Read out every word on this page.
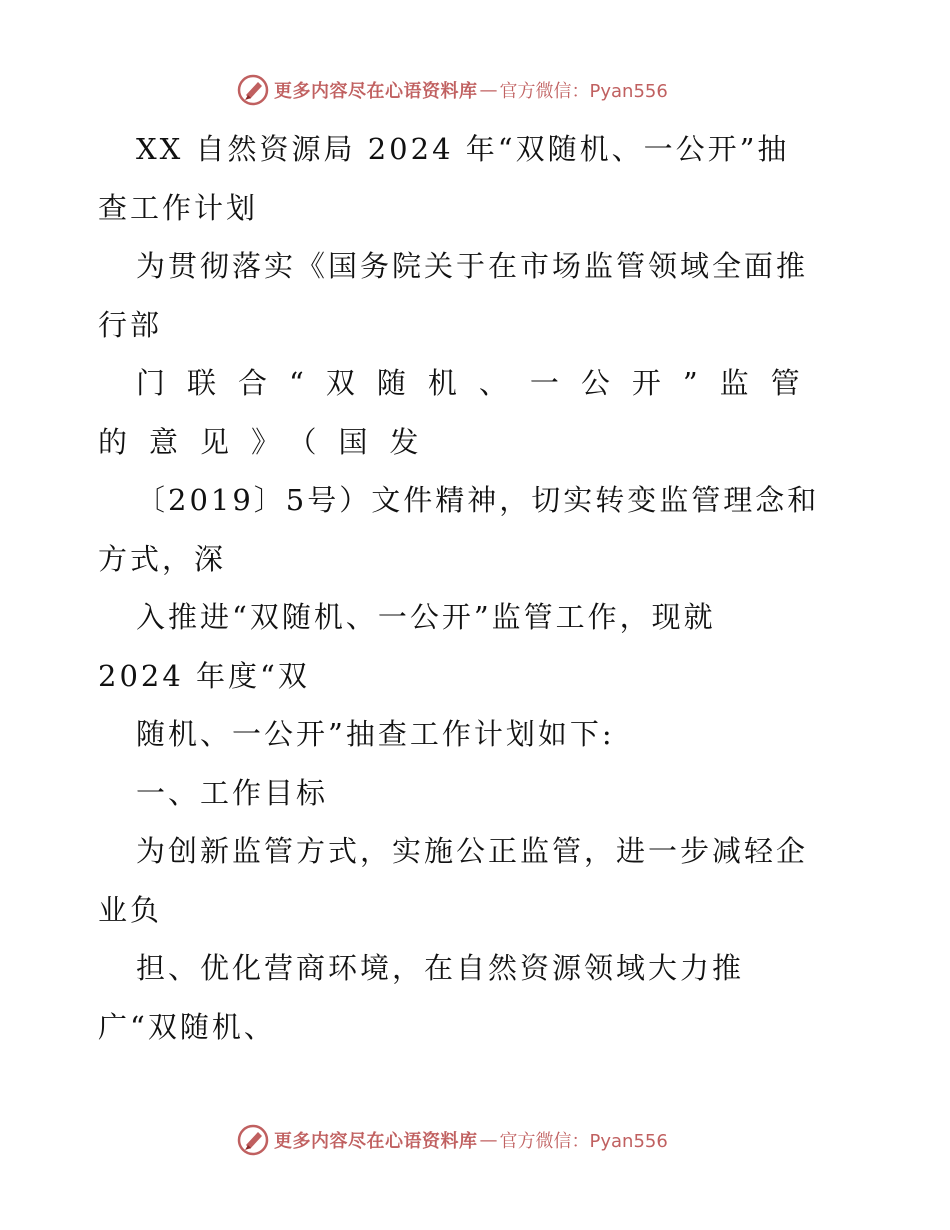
更多内容尽在心语资料库 — 官方微信：Pyan556
XX 自然资源局 2024 年“双随机、一公开”抽
查工作计划
为贯彻落实《国务院关于在市场监管领域全面推
行部
门联合“双随机、一公开”监管
的意见》（国发
〔2019〕5号）文件精神，切实转变监管理念和
方式，深
入推进“双随机、一公开”监管工作，现就
2024 年度“双
随机、一公开”抽查工作计划如下:
一、工作目标
为创新监管方式，实施公正监管，进一步减轻企
业负
担、优化营商环境，在自然资源领域大力推
广“双随机、
更多内容尽在心语资料库 — 官方微信：Pyan556
